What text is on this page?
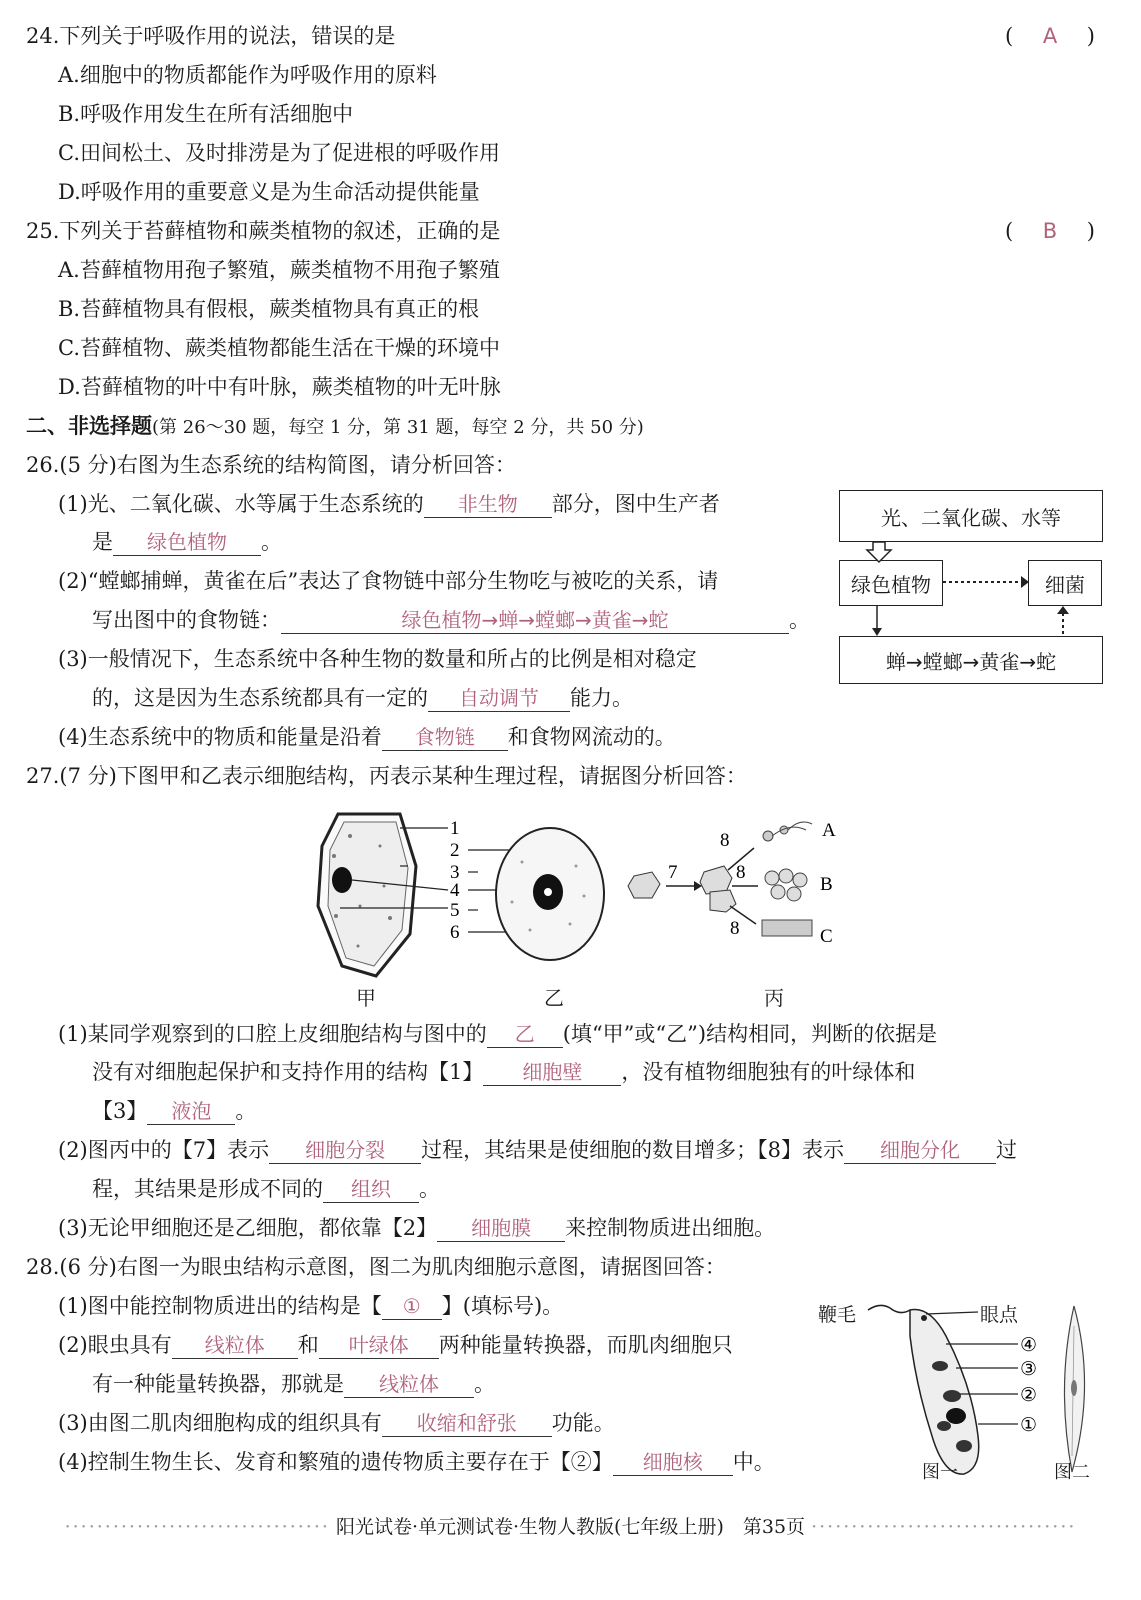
24.下列关于呼吸作用的说法，错误的是	( A )
A.细胞中的物质都能作为呼吸作用的原料
B.呼吸作用发生在所有活细胞中
C.田间松土、及时排涝是为了促进根的呼吸作用
D.呼吸作用的重要意义是为生命活动提供能量
25.下列关于苔藓植物和蕨类植物的叙述，正确的是	( B )
A.苔藓植物用孢子繁殖，蕨类植物不用孢子繁殖
B.苔藓植物具有假根，蕨类植物具有真正的根
C.苔藓植物、蕨类植物都能生活在干燥的环境中
D.苔藓植物的叶中有叶脉，蕨类植物的叶无叶脉
二、非选择题(第 26～30 题，每空 1 分，第 31 题，每空 2 分，共 50 分)
26.(5 分)右图为生态系统的结构简图，请分析回答：
(1)光、二氧化碳、水等属于生态系统的 非生物 部分，图中生产者
是 绿色植物 。
(2)“螳螂捕蝉，黄雀在后”表达了食物链中部分生物吃与被吃的关系，请
写出图中的食物链：	绿色植物→蝉→螳螂→黄雀→蛇	。
(3)一般情况下，生态系统中各种生物的数量和所占的比例是相对稳定
的，这是因为生态系统都具有一定的 自动调节 能力。
(4)生态系统中的物质和能量是沿着 食物链 和食物网流动的。
光、二氧化碳、水等
绿色植物	细菌
蝉→螳螂→黄雀→蛇
27.(7 分)下图甲和乙表示细胞结构，丙表示某种生理过程，请据图分析回答：
1
2
3
4
5
6
7
8
8
8
A
B
C
甲	乙	丙
(1)某同学观察到的口腔上皮细胞结构与图中的 乙 (填“甲”或“乙”)结构相同，判断的依据是
没有对细胞起保护和支持作用的结构【1】 细胞壁 ，没有植物细胞独有的叶绿体和
【3】 液泡 。
(2)图丙中的【7】表示 细胞分裂 过程，其结果是使细胞的数目增多；【8】表示 细胞分化 过
程，其结果是形成不同的 组织 。
(3)无论甲细胞还是乙细胞，都依靠【2】 细胞膜 来控制物质进出细胞。
28.(6 分)右图一为眼虫结构示意图，图二为肌肉细胞示意图，请据图回答：
(1)图中能控制物质进出的结构是【 ① 】(填标号)。
(2)眼虫具有 线粒体 和 叶绿体 两种能量转换器，而肌肉细胞只
有一种能量转换器，那就是 线粒体 。
(3)由图二肌肉细胞构成的组织具有 收缩和舒张 功能。
(4)控制生物生长、发育和繁殖的遗传物质主要存在于【②】 细胞核 中。
鞭毛	眼点
④
③
②
①
图一	图二
································· 阳光试卷·单元测试卷·生物人教版(七年级上册)　第35页 ·································
